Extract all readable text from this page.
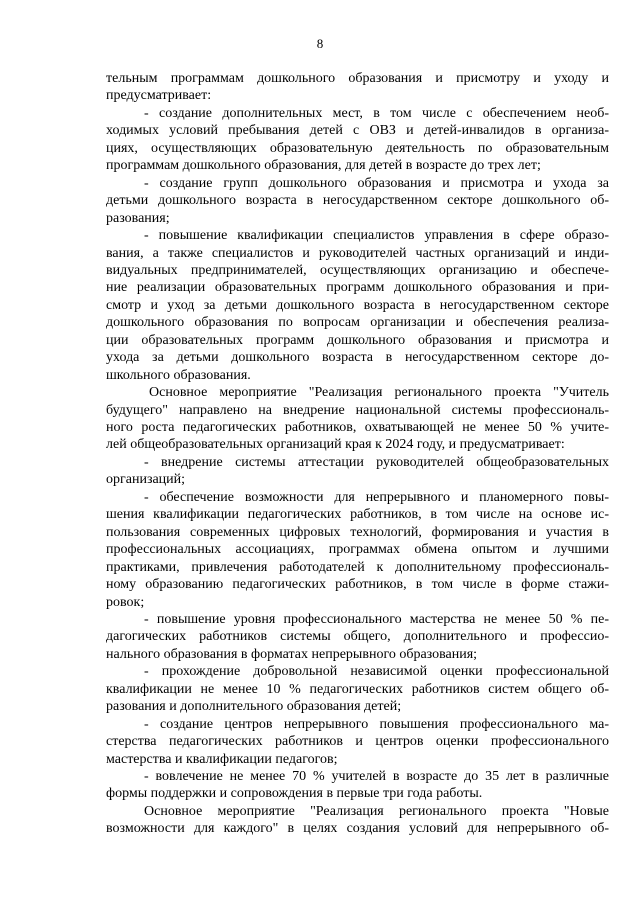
8

тельным программам дошкольного образования и присмотру и уходу и

предусматривает:

- создание дополнительных мест, в том числе с обеспечением необ-

ходимых условий пребывания детей с ОВЗ и детей-инвалидов в организа-

циях, осуществляющих образовательную деятельность по образовательным

программам дошкольного образования, для детей в возрасте до трех лет;

- создание групп дошкольного образования и присмотра и ухода за

детьми дошкольного возраста в негосударственном секторе дошкольного об-

разования;

- повышение квалификации специалистов управления в сфере образо-

вания, а также специалистов и руководителей частных организаций и инди-

видуальных предпринимателей, осуществляющих организацию и обеспече-

ние реализации образовательных программ дошкольного образования и при-

смотр и уход за детьми дошкольного возраста в негосударственном секторе

дошкольного образования по вопросам организации и обеспечения реализа-

ции образовательных программ дошкольного образования и присмотра и

ухода за детьми дошкольного возраста в негосударственном секторе до-

школьного образования.

Основное мероприятие "Реализация регионального проекта "Учитель

будущего" направлено на внедрение национальной системы профессиональ-

ного роста педагогических работников, охватывающей не менее 50 % учите-

лей общеобразовательных организаций края к 2024 году, и предусматривает:

- внедрение системы аттестации руководителей общеобразовательных

организаций;

- обеспечение возможности для непрерывного и планомерного повы-

шения квалификации педагогических работников, в том числе на основе ис-

пользования современных цифровых технологий, формирования и участия в

профессиональных ассоциациях, программах обмена опытом и лучшими

практиками, привлечения работодателей к дополнительному профессиональ-

ному образованию педагогических работников, в том числе в форме стажи-

ровок;

- повышение уровня профессионального мастерства не менее 50 % пе-

дагогических работников системы общего, дополнительного и профессио-

нального образования в форматах непрерывного образования;

- прохождение добровольной независимой оценки профессиональной

квалификации не менее 10 % педагогических работников систем общего об-

разования и дополнительного образования детей;

- создание центров непрерывного повышения профессионального ма-

стерства педагогических работников и центров оценки профессионального

мастерства и квалификации педагогов;

- вовлечение не менее 70 % учителей в возрасте до 35 лет в различные

формы поддержки и сопровождения в первые три года работы.

Основное мероприятие "Реализация регионального проекта "Новые

возможности для каждого" в целях создания условий для непрерывного об-
